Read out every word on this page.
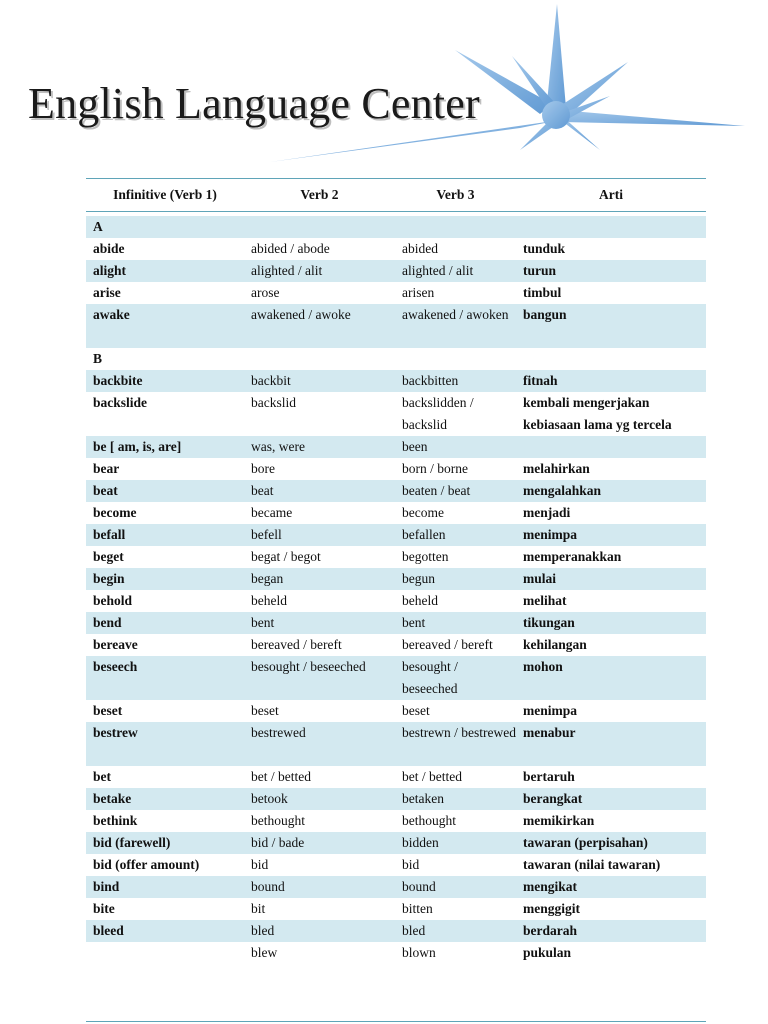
English Language Center
Infinitive (Verb 1)	Verb 2	Verb 3	Arti

A			
abide	abided / abode	abided	tunduk
alight	alighted / alit	alighted / alit	turun
arise	arose	arisen	timbul
awake	awakened / awoke	awakened / awoken	bangun
B			
backbite	backbit	backbitten	fitnah
backslide	backslid	backslidden / backslid	kembali mengerjakan kebiasaan lama yg tercela
be [ am, is, are]	was, were	been	
bear	bore	born / borne	melahirkan
beat	beat	beaten / beat	mengalahkan
become	became	become	menjadi
befall	befell	befallen	menimpa
beget	begat / begot	begotten	memperanakkan
begin	began	begun	mulai
behold	beheld	beheld	melihat
bend	bent	bent	tikungan
bereave	bereaved / bereft	bereaved / bereft	kehilangan
beseech	besought / beseeched	besought / beseeched	mohon
beset	beset	beset	menimpa
bestrew	bestrewed	bestrewn / bestrewed	menabur
bet	bet / betted	bet / betted	bertaruh
betake	betook	betaken	berangkat
bethink	bethought	bethought	memikirkan
bid (farewell)	bid / bade	bidden	tawaran (perpisahan)
bid (offer amount)	bid	bid	tawaran (nilai tawaran)
bind	bound	bound	mengikat
bite	bit	bitten	menggigit
bleed	bled	bled	berdarah
	blew	blown	pukulan
